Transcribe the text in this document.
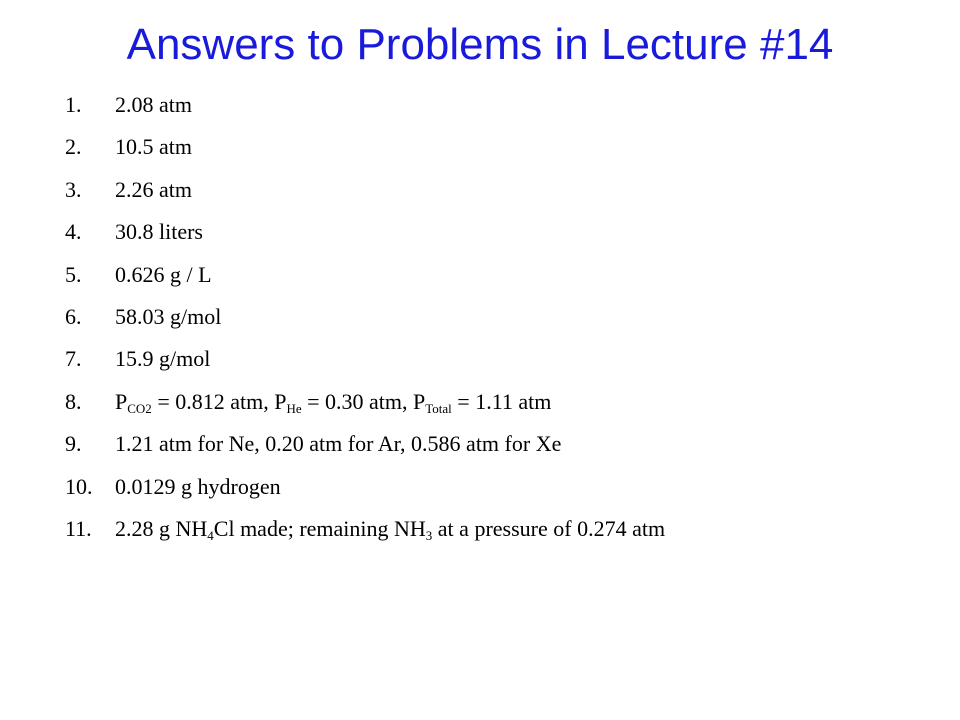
Answers to Problems in Lecture #14
1. 2.08 atm
2. 10.5 atm
3. 2.26 atm
4. 30.8 liters
5. 0.626 g / L
6. 58.03 g/mol
7. 15.9 g/mol
8. $P_{CO2} = 0.812$ atm, $P_{He} = 0.30$ atm, $P_{Total} = 1.11$ atm
9. 1.21 atm for Ne, 0.20 atm for Ar, 0.586 atm for Xe
10. 0.0129 g hydrogen
11. 2.28 g $NH_4Cl$ made; remaining $NH_3$ at a pressure of 0.274 atm
